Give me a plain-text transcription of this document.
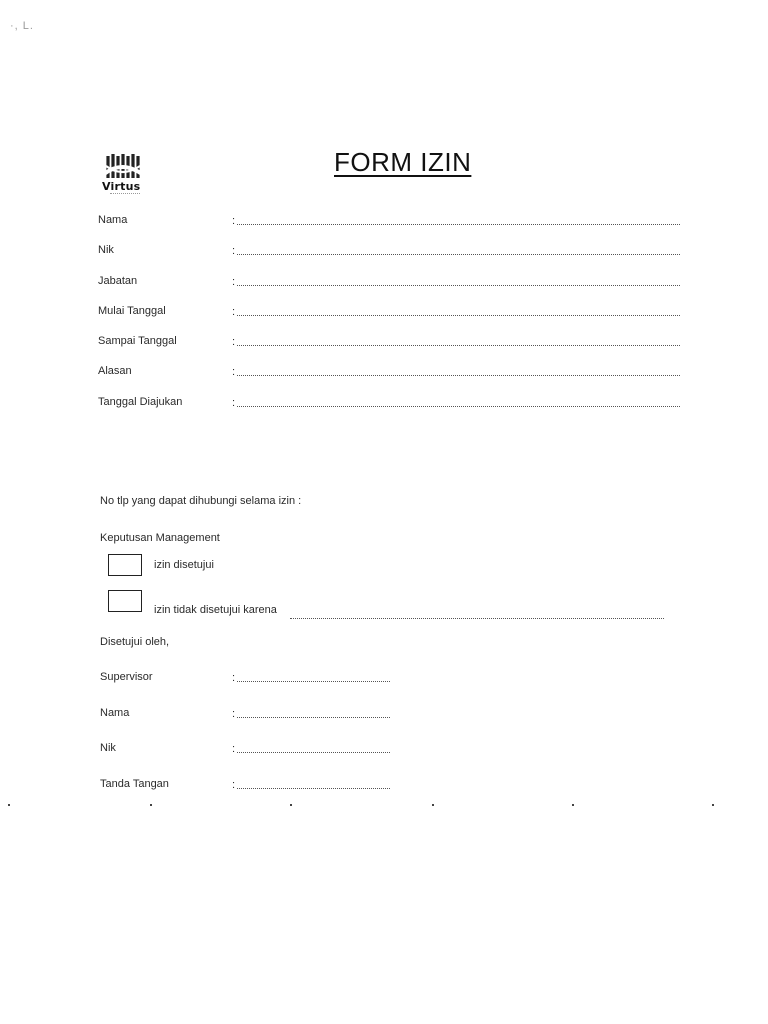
·, L.
Virtus
FORM IZIN
Nama	:
Nik	:
Jabatan	:
Mulai Tanggal	:
Sampai Tanggal	:
Alasan	:
Tanggal Diajukan	:
No tlp yang dapat dihubungi selama izin :
Keputusan Management
izin disetujui
izin tidak disetujui karena
Disetujui oleh,
Supervisor	:
Nama	:
Nik	:
Tanda Tangan	:
